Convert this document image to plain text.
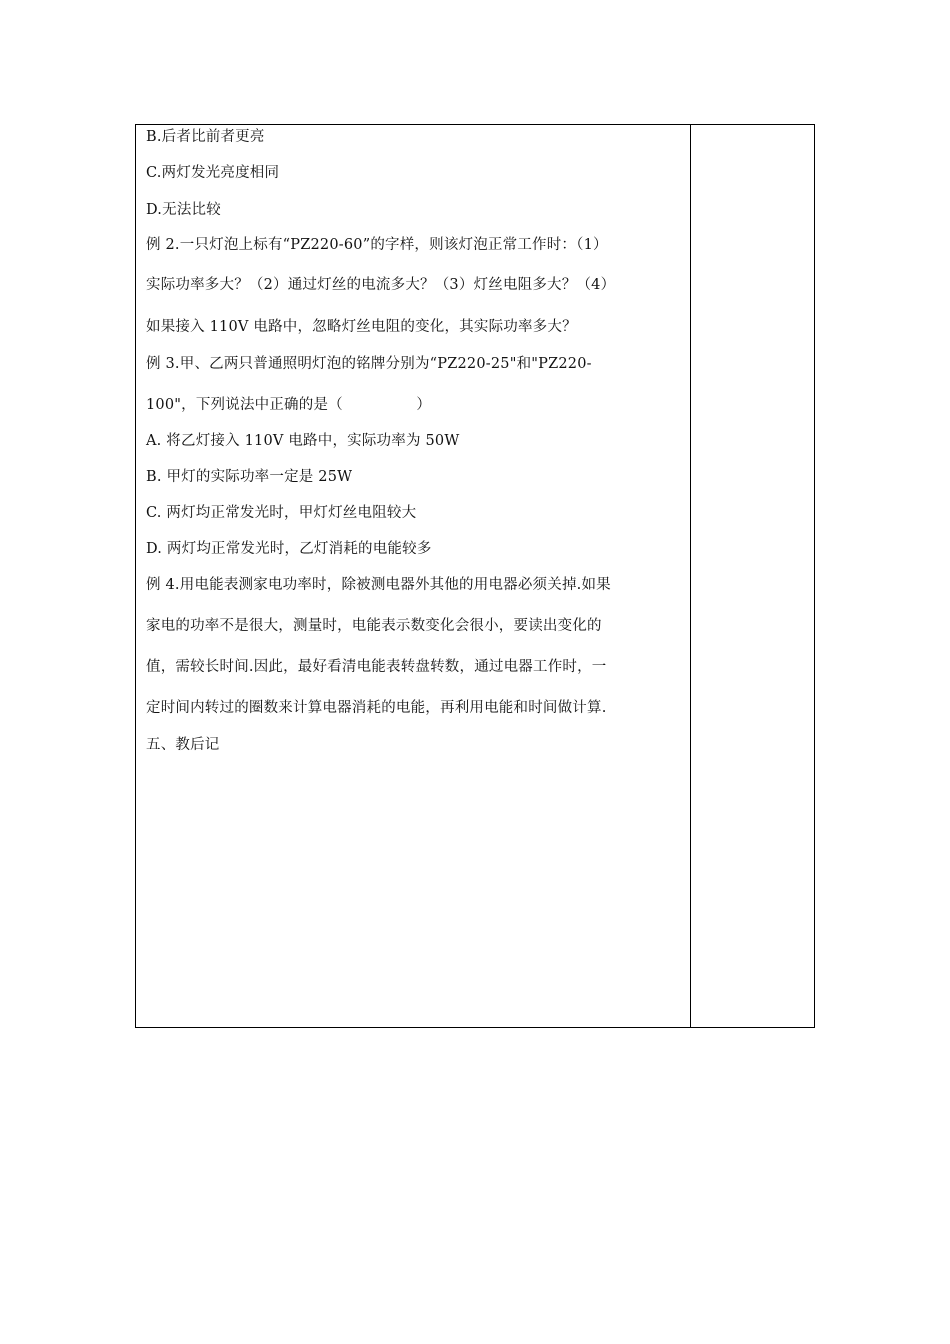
B.后者比前者更亮
C.两灯发光亮度相同
D.无法比较
例 2.一只灯泡上标有“PZ220-60”的字样，则该灯泡正常工作时：（1）
实际功率多大？（2）通过灯丝的电流多大？（3）灯丝电阻多大？（4）
如果接入 110V 电路中，忽略灯丝电阻的变化，其实际功率多大？
例 3.甲、乙两只普通照明灯泡的铭牌分别为“PZ220-25"和"PZ220-
100"，下列说法中正确的是（　　　　　）
A. 将乙灯接入 110V 电路中，实际功率为 50W
B. 甲灯的实际功率一定是 25W
C. 两灯均正常发光时，甲灯灯丝电阻较大
D. 两灯均正常发光时，乙灯消耗的电能较多
例 4.用电能表测家电功率时，除被测电器外其他的用电器必须关掉.如果
家电的功率不是很大，测量时，电能表示数变化会很小，要读出变化的
值，需较长时间.因此，最好看清电能表转盘转数，通过电器工作时，一
定时间内转过的圈数来计算电器消耗的电能，再利用电能和时间做计算.
五、教后记
